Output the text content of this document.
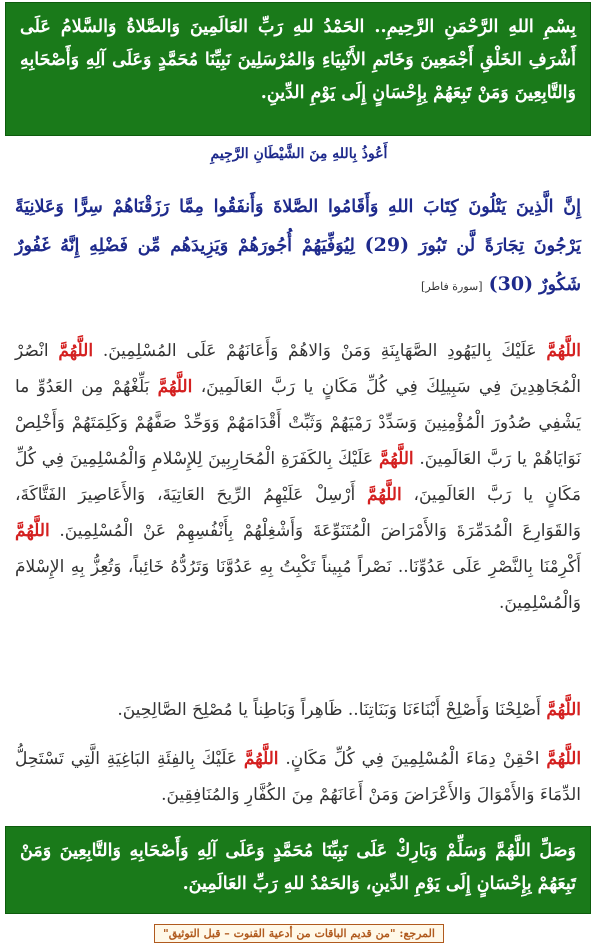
بِسْمِ اللهِ الرَّحْمَنِ الرَّحِيمِ.. الحَمْدُ للهِ رَبِّ العَالَمِينَ وَالصَّلاةُ وَالسَّلامُ عَلَى أَشْرَفِ الخَلْقِ أَجْمَعِينَ وَخَاتَمِ الأَنْبِيَاءِ وَالمُرْسَلِينَ نَبِيِّنَا مُحَمَّدٍ وَعَلَى آلِهِ وَأَصْحَابِهِ وَالتَّابِعِينَ وَمَنْ تَبِعَهُمْ بِإِحْسَانٍ إِلَى يَوْمِ الدِّينِ.
أَعُوذُ بِاللهِ مِنَ الشَّيْطَانِ الرَّجِيمِ
إِنَّ الَّذِينَ يَتْلُونَ كِتَابَ اللهِ وَأَقَامُوا الصَّلاةَ وَأَنفَقُوا مِمَّا رَزَقْنَاهُمْ سِرًّا وَعَلانِيَةً يَرْجُونَ تِجَارَةً لَّن تَبُورَ (29) لِيُوَفِّيَهُمْ أُجُورَهُمْ وَيَزِيدَهُم مِّن فَضْلِهِ إِنَّهُ غَفُورٌ شَكُورٌ (30) [سورة فاطر]
اللَّهُمَّ عَلَيْكَ بِاليَهُودِ الصَّهَايِنَةِ وَمَنْ وَالاهُمْ وَأَعَانَهُمْ عَلَى المُسْلِمِينَ. اللَّهُمَّ انْصُرْ الْمُجَاهِدِينَ فِي سَبِيلِكَ فِي كُلِّ مَكَانٍ يا رَبَّ العَالَمِينَ، اللَّهُمَّ بَلِّغْهُمْ مِن العَدُوِّ ما يَشْفِي صُدُورَ الْمُؤْمِنِينَ وَسَدِّدْ رَمْيَهُمْ وَثَبِّتْ أَقْدَامَهُمْ وَوَحِّدْ صَفَّهُمْ وَكَلِمَتَهُمْ وَأَخْلِصْ نَوَايَاهُمْ يا رَبَّ العَالَمِينَ. اللَّهُمَّ عَلَيْكَ بِالكَفَرَةِ الْمُحَارِبِينَ لِلإِسْلامِ وَالْمُسْلِمِينَ فِي كُلِّ مَكَانٍ يا رَبَّ العَالَمِينَ، اللَّهُمَّ أَرْسِلْ عَلَيْهِمُ الرِّيحَ العَاتِيَةَ، وَالأَعَاصِيرَ الفَتَّاكَةَ، وَالقَوَارِعَ الْمُدَمِّرَةَ وَالأَمْرَاضَ الْمُتَنَوِّعَةَ وَأَشْغِلْهُمْ بِأَنْفُسِهِمْ عَنْ الْمُسْلِمِينَ. اللَّهُمَّ أَكْرِمْنَا بِالنَّصْرِ عَلَى عَدُوِّنَا.. نَصْراً مُبِيناً تَكْبِتُ بِهِ عَدُوَّنَا وَتَرُدُّهُ خَائِباً، وَتُعِزُّ بِهِ الإِسْلامَ وَالْمُسْلِمِينَ.
اللَّهُمَّ أَصْلِحْنَا وَأَصْلِحْ أَبْنَاءَنَا وَبَنَاتِنَا.. ظَاهِراً وَبَاطِناً يا مُصْلِحَ الصَّالِحِينَ.
اللَّهُمَّ احْقِنْ دِمَاءَ الْمُسْلِمِينَ فِي كُلِّ مَكَانٍ. اللَّهُمَّ عَلَيْكَ بِالفِئَةِ البَاغِيَةِ الَّتِي تَسْتَحِلُّ الدِّمَاءَ وَالأَمْوَالَ وَالأَعْرَاضَ وَمَنْ أَعَانَهُمْ مِنَ الكُفَّارِ وَالمُنَافِقِينَ.
وَصَلِّ اللَّهُمَّ وَسَلِّمْ وَبَارِكْ عَلَى نَبِيِّنَا مُحَمَّدٍ وَعَلَى آلِهِ وَأَصْحَابِهِ وَالتَّابِعِينَ وَمَنْ تَبِعَهُمْ بِإِحْسَانٍ إِلَى يَوْمِ الدِّينِ، وَالحَمْدُ للهِ رَبِّ العَالَمِينَ.
المرجع: "من قديم الباقات من أدعية القنوت – قبل التوثيق"
